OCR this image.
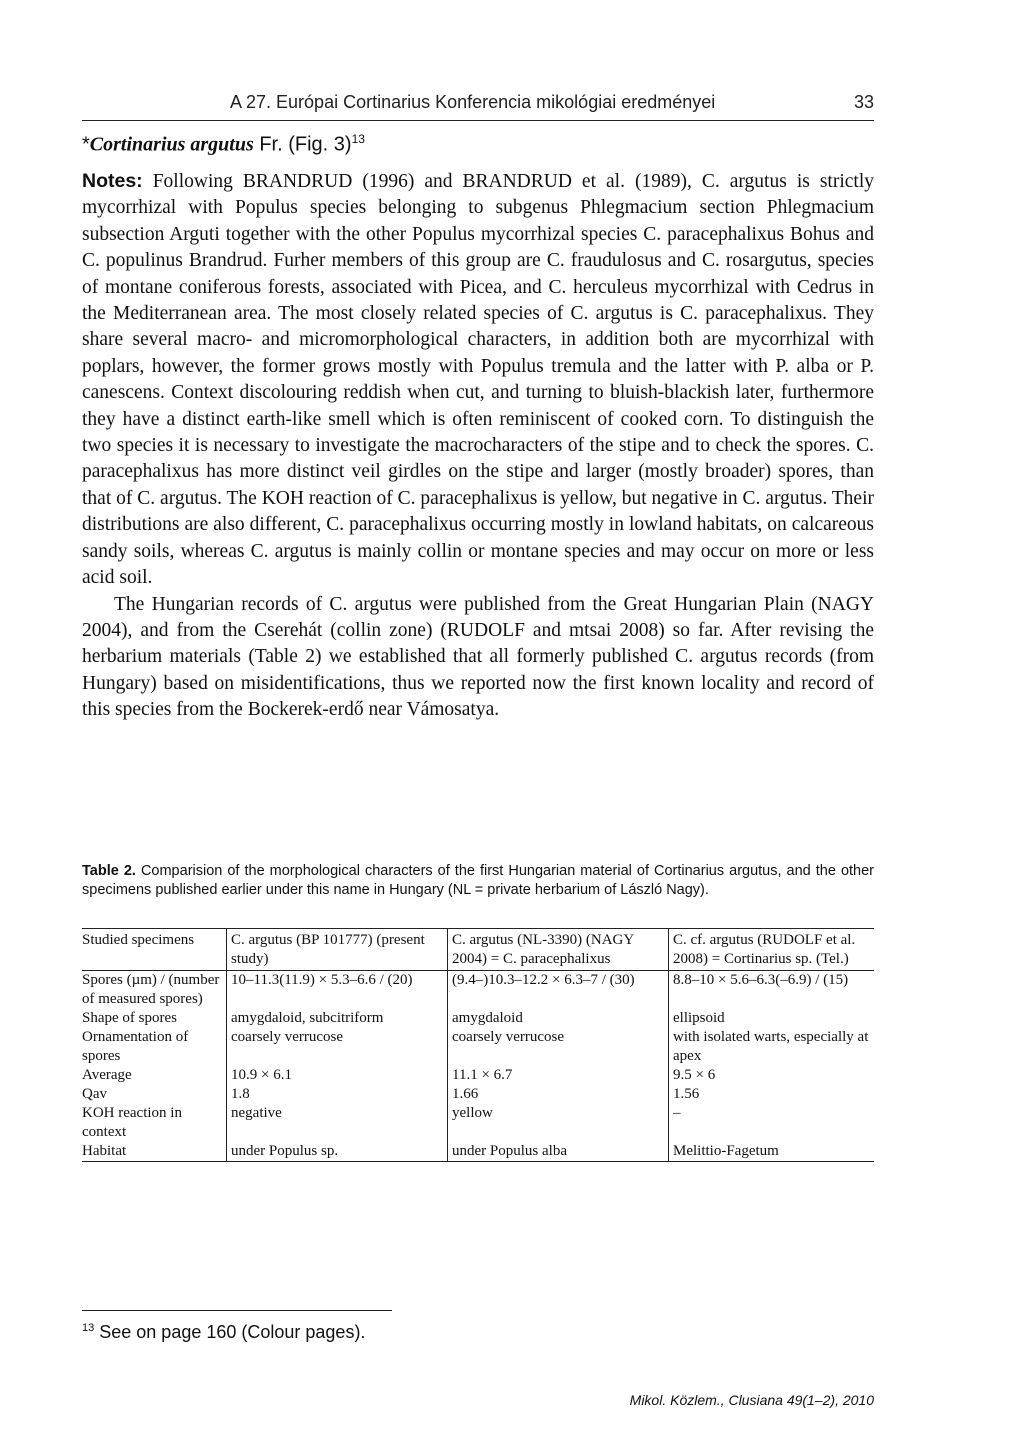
A 27. Európai Cortinarius Konferencia mikológiai eredményei	33
*Cortinarius argutus Fr. (Fig. 3)$^{13}$

Notes: Following BRANDRUD (1996) and BRANDRUD et al. (1989), C. argutus is strictly mycorrhizal with Populus species belonging to subgenus Phlegmacium section Phlegmacium subsection Arguti together with the other Populus mycorrhizal species C. paracephalixus Bohus and C. populinus Brandrud. Furher members of this group are C. fraudulosus and C. rosargutus, species of montane coniferous forests, associated with Picea, and C. herculeus mycorrhizal with Cedrus in the Mediterranean area. The most closely related species of C. argutus is C. paracephalixus. They share several macro- and micromorphological characters, in addition both are mycorrhizal with poplars, however, the former grows mostly with Populus tremula and the latter with P. alba or P. canescens. Context discolouring reddish when cut, and turning to bluish-blackish later, furthermore they have a distinct earth-like smell which is often reminiscent of cooked corn. To distinguish the two species it is necessary to investigate the macrocharacters of the stipe and to check the spores. C. paracephalixus has more distinct veil girdles on the stipe and larger (mostly broader) spores, than that of C. argutus. The KOH reaction of C. paracephalixus is yellow, but negative in C. argutus. Their distributions are also different, C. paracephalixus occurring mostly in lowland habitats, on calcareous sandy soils, whereas C. argutus is mainly collin or montane species and may occur on more or less acid soil.

The Hungarian records of C. argutus were published from the Great Hungarian Plain (NAGY 2004), and from the Cserehát (collin zone) (RUDOLF and mtsai 2008) so far. After revising the herbarium materials (Table 2) we established that all formerly published C. argutus records (from Hungary) based on misidentifications, thus we reported now the first known locality and record of this species from the Bockerek-erdő near Vámosatya.

Table 2. Comparision of the morphological characters of the first Hungarian material of Cortinarius argutus, and the other specimens published earlier under this name in Hungary (NL = private herbarium of László Nagy).
Studied specimens	C. argutus (BP 101777) (present study)	C. argutus (NL-3390) (NAGY 2004) = C. paracephalixus	C. cf. argutus (RUDOLF et al. 2008) = Cortinarius sp. (Tel.)
Spores (µm) / (number of measured spores)	10–11.3(11.9) × 5.3–6.6 / (20)	(9.4–)10.3–12.2 × 6.3–7 / (30)	8.8–10 × 5.6–6.3(–6.9) / (15)
Shape of spores	amygdaloid, subcitriform	amygdaloid	ellipsoid
Ornamentation of spores	coarsely verrucose	coarsely verrucose	with isolated warts, especially at apex
Average	10.9 × 6.1	11.1 × 6.7	9.5 × 6
Qav	1.8	1.66	1.56
KOH reaction in context	negative	yellow	–
Habitat	under Populus sp.	under Populus alba	Melittio-Fagetum
$^{13}$ See on page 160 (Colour pages).
Mikol. Közlem., Clusiana 49(1–2), 2010
